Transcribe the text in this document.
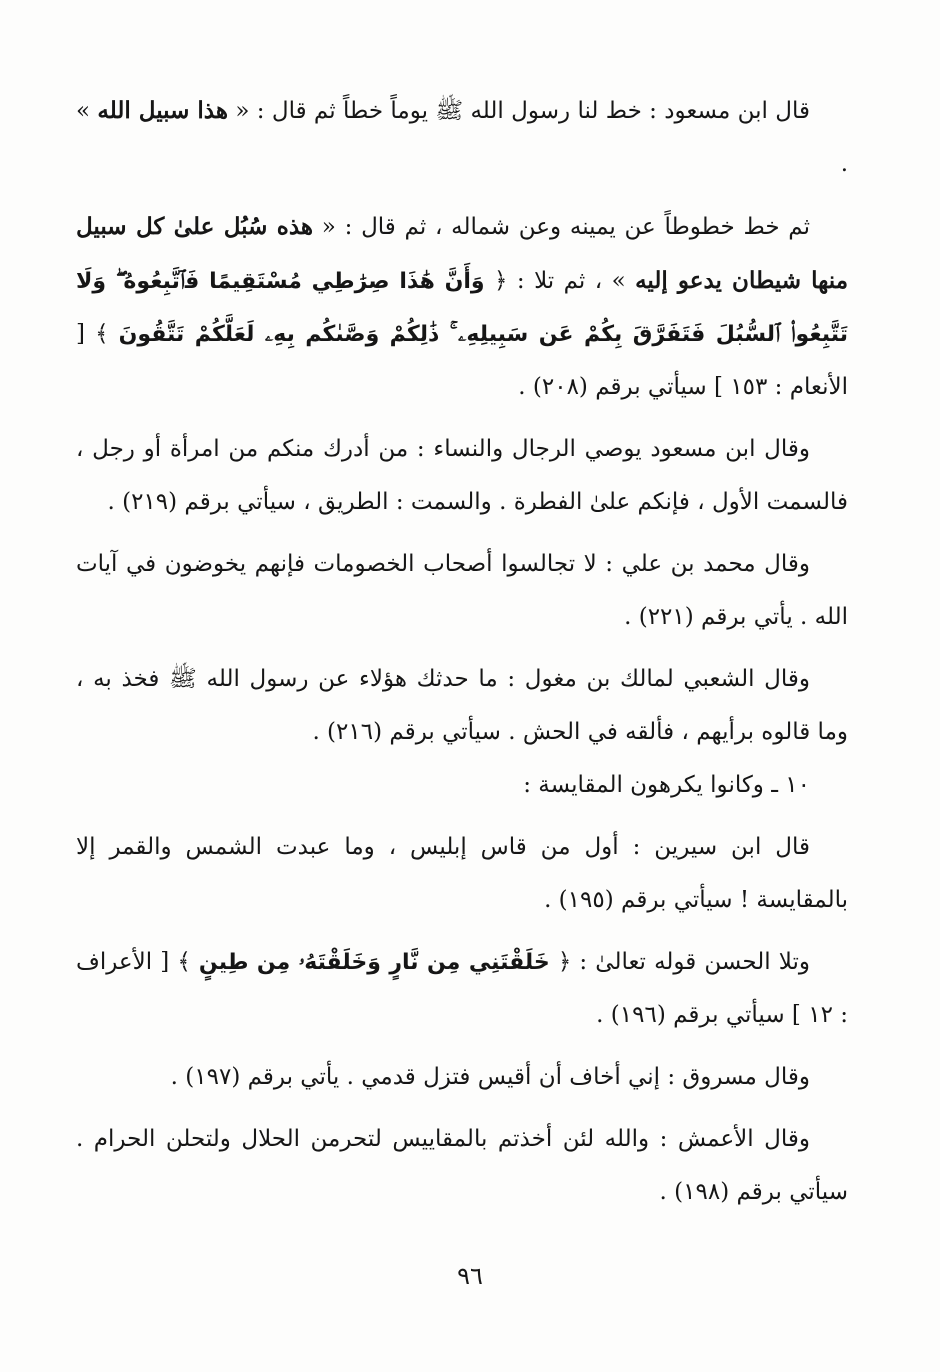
قال ابن مسعود : خط لنا رسول الله ﷺ يوماً خطاً ثم قال : « هذا سبيل الله » .

ثم خط خطوطاً عن يمينه وعن شماله ، ثم قال : « هذه سُبُل علىٰ كل سبيل منها شيطان يدعو إليه » ، ثم تلا : ﴿ وَأَنَّ هَٰذَا صِرَٰطِي مُسْتَقِيمًا فَٱتَّبِعُوهُ ۖ وَلَا تَتَّبِعُوا۟ ٱلسُّبُلَ فَتَفَرَّقَ بِكُمْ عَن سَبِيلِهِۦ ۚ ذَٰلِكُمْ وَصَّىٰكُم بِهِۦ لَعَلَّكُمْ تَتَّقُونَ ﴾ [ الأنعام : ١٥٣ ] سيأتي برقم (٢٠٨) .

وقال ابن مسعود يوصي الرجال والنساء : من أدرك منكم من امرأة أو رجل ، فالسمت الأول ، فإنكم علىٰ الفطرة . والسمت : الطريق ، سيأتي برقم (٢١٩) .

وقال محمد بن علي : لا تجالسوا أصحاب الخصومات فإنهم يخوضون في آيات الله . يأتي برقم (٢٢١) .

وقال الشعبي لمالك بن مغول : ما حدثك هؤلاء عن رسول الله ﷺ فخذ به ، وما قالوه برأيهم ، فألقه في الحش . سيأتي برقم (٢١٦) .

١٠ ـ وكانوا يكرهون المقايسة :

قال ابن سيرين : أول من قاس إبليس ، وما عبدت الشمس والقمر إلا بالمقايسة ! سيأتي برقم (١٩٥) .

وتلا الحسن قوله تعالىٰ : ﴿ خَلَقْتَنِي مِن نَّارٍ وَخَلَقْتَهُۥ مِن طِينٍ ﴾ [ الأعراف : ١٢ ] سيأتي برقم (١٩٦) .

وقال مسروق : إني أخاف أن أقيس فتزل قدمي . يأتي برقم (١٩٧) .

وقال الأعمش : والله لئن أخذتم بالمقاييس لتحرمن الحلال ولتحلن الحرام . سيأتي برقم (١٩٨) .

٩٦
